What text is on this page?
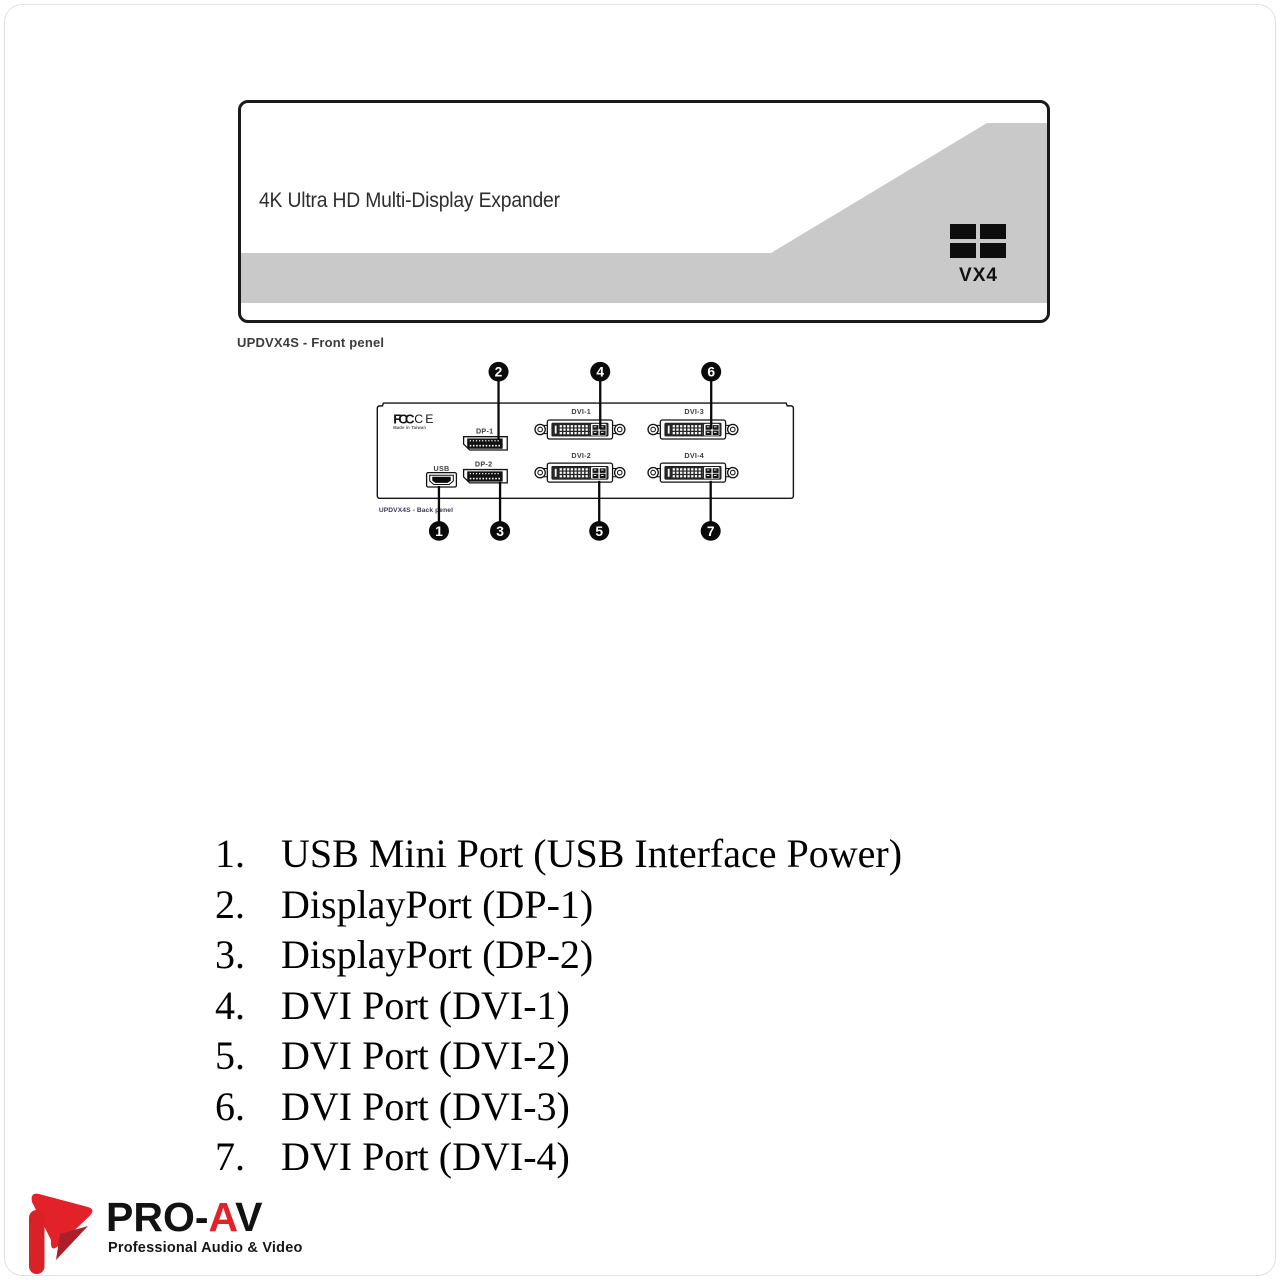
4K Ultra HD Multi-Display Expander
VX4
UPDVX4S - Front penel
FCC CE
Made in Taiwan
UPDVX4S - Back penel
USB
DP-1
DP-2
DVI-1	DVI-3
DVI-2	DVI-4
2	4	6
1 3	5	7
1. USB Mini Port (USB Interface Power)
2. DisplayPort (DP-1)
3. DisplayPort (DP-2)
4. DVI Port (DVI-1)
5. DVI Port (DVI-2)
6. DVI Port (DVI-3)
7. DVI Port (DVI-4)
PRO-AV
Professional Audio & Video
